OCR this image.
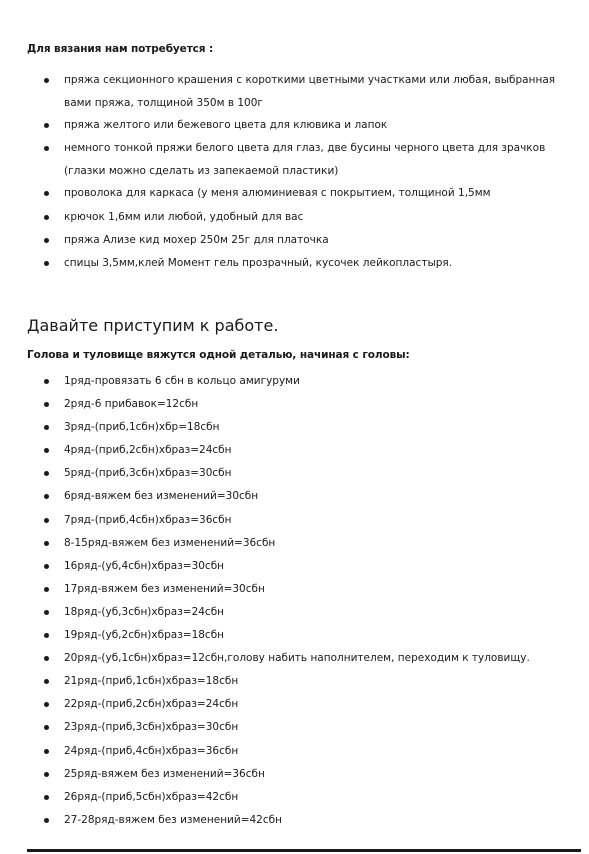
Для вязания нам потребуется :
пряжа секционного крашения с короткими цветными участками или любая, выбранная вами пряжа, толщиной 350м в 100г
пряжа желтого или бежевого цвета для клювика и лапок
немного тонкой пряжи белого цвета для глаз, две бусины черного цвета для зрачков (глазки можно сделать из запекаемой пластики)
проволока для каркаса (у меня алюминиевая с покрытием, толщиной 1,5мм
крючок 1,6мм или любой, удобный для вас
пряжа Ализе кид мохер 250м 25г для платочка
спицы 3,5мм,клей Момент гель прозрачный, кусочек лейкопластыря.
Давайте приступим к работе.
Голова и туловище вяжутся одной деталью, начиная с головы:
1ряд-провязать 6 сбн в кольцо амигуруми
2ряд-6 прибавок=12сбн
3ряд-(приб,1сбн)хбр=18сбн
4ряд-(приб,2сбн)хбраз=24сбн
5ряд-(приб,3сбн)хбраз=30сбн
6ряд-вяжем без изменений=30сбн
7ряд-(приб,4сбн)хбраз=36сбн
8-15ряд-вяжем без изменений=36сбн
16ряд-(уб,4сбн)хбраз=30сбн
17ряд-вяжем без изменений=30сбн
18ряд-(уб,3сбн)хбраз=24сбн
19ряд-(уб,2сбн)хбраз=18сбн
20ряд-(уб,1сбн)хбраз=12сбн,голову набить наполнителем, переходим к туловищу.
21ряд-(приб,1сбн)хбраз=18сбн
22ряд-(приб,2сбн)хбраз=24сбн
23ряд-(приб,3сбн)хбраз=30сбн
24ряд-(приб,4сбн)хбраз=36сбн
25ряд-вяжем без изменений=36сбн
26ряд-(приб,5сбн)хбраз=42сбн
27-28ряд-вяжем без изменений=42сбн
